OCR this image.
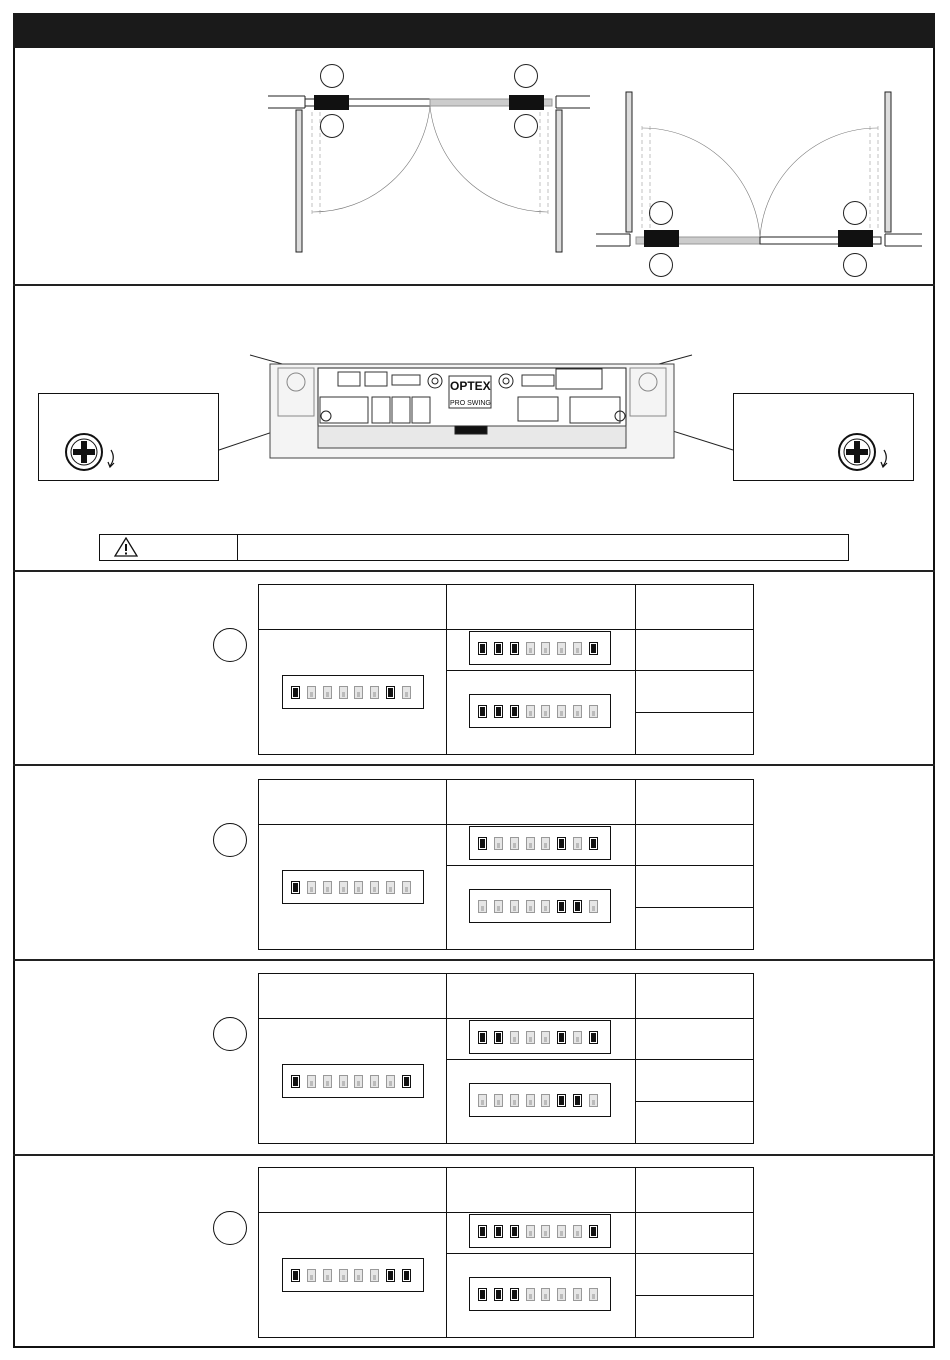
OPTEX
PRO SWING
